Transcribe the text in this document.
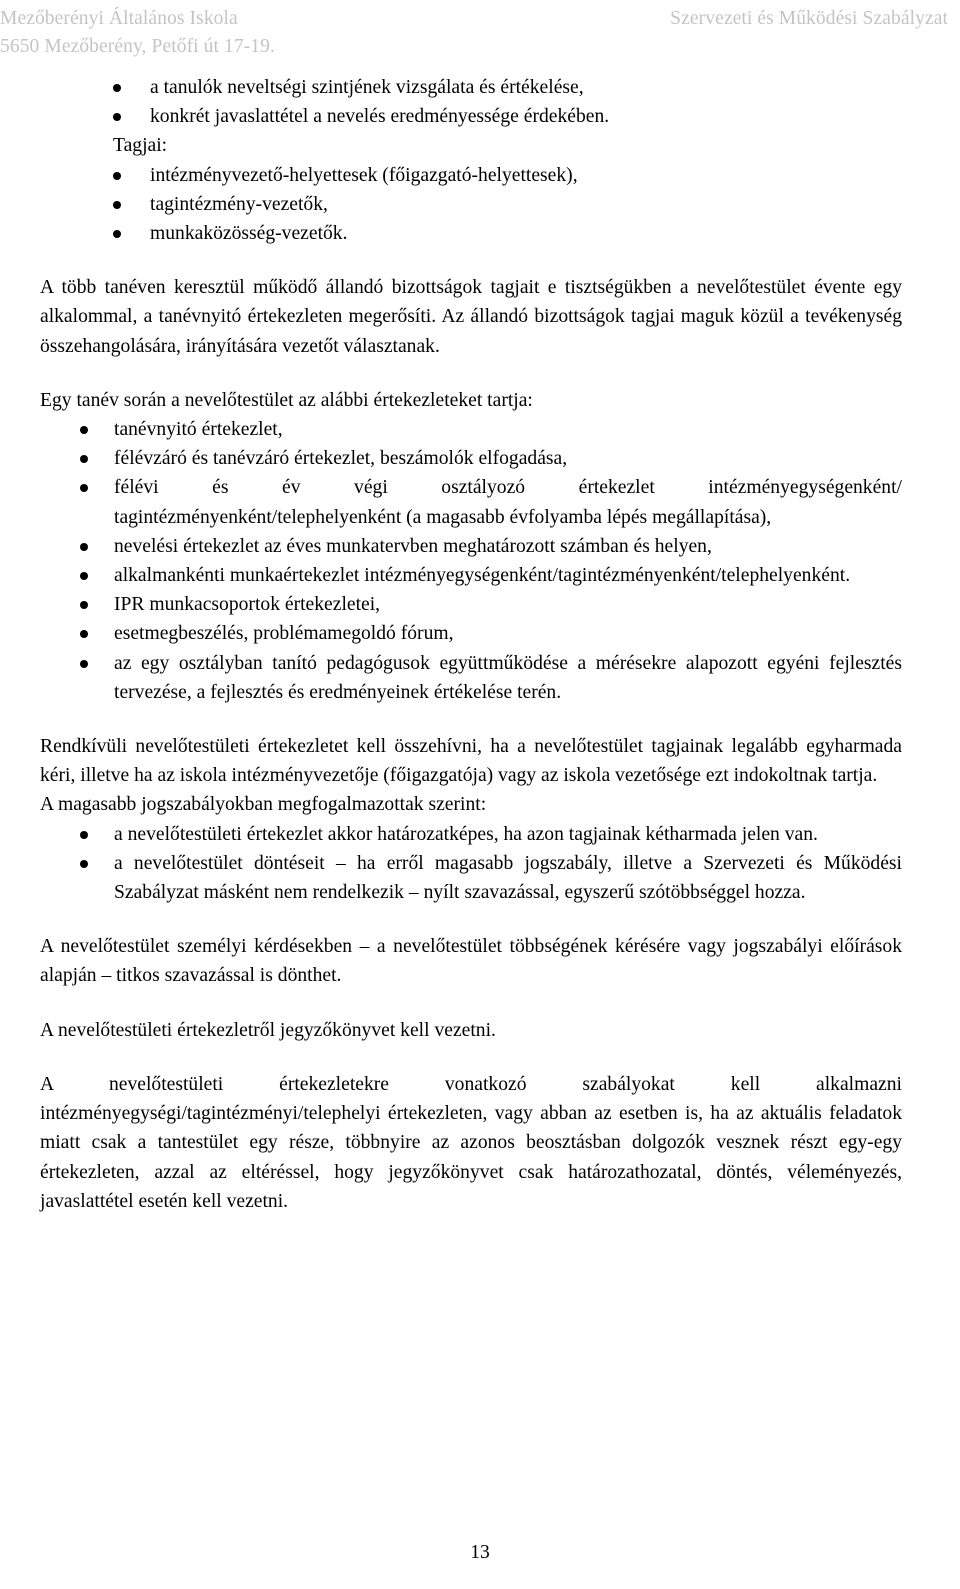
Mezőberényi Általános Iskola
5650 Mezőberény, Petőfi út 17-19.
Szervezeti és Működési Szabályzat
a tanulók neveltségi szintjének vizsgálata és értékelése,
konkrét javaslattétel a nevelés eredményessége érdekében.

Tagjai:

intézményvezető-helyettesek (főigazgató-helyettesek),
tagintézmény-vezetők,
munkaközösség-vezetők.

A több tanéven keresztül működő állandó bizottságok tagjait e tisztségükben a nevelőtestület évente egy alkalommal, a tanévnyitó értekezleten megerősíti. Az állandó bizottságok tagjai maguk közül a tevékenység összehangolására, irányítására vezetőt választanak.

Egy tanév során a nevelőtestület az alábbi értekezleteket tartja:

tanévnyitó értekezlet,
félévzáró és tanévzáró értekezlet, beszámolók elfogadása,
félévi és év végi osztályozó értekezlet intézményegységenként/ tagintézményenként/telephelyenként (a magasabb évfolyamba lépés megállapítása),
nevelési értekezlet az éves munkatervben meghatározott számban és helyen,
alkalmankénti munkaértekezlet intézményegységenként/tagintézményenként/telephelyenként.
IPR munkacsoportok értekezletei,
esetmegbeszélés, problémamegoldó fórum,
az egy osztályban tanító pedagógusok együttműködése a mérésekre alapozott egyéni fejlesztés tervezése, a fejlesztés és eredményeinek értékelése terén.

Rendkívüli nevelőtestületi értekezletet kell összehívni, ha a nevelőtestület tagjainak legalább egyharmada kéri, illetve ha az iskola intézményvezetője (főigazgatója) vagy az iskola vezetősége ezt indokoltnak tartja.

A magasabb jogszabályokban megfogalmazottak szerint:

a nevelőtestületi értekezlet akkor határozatképes, ha azon tagjainak kétharmada jelen van.
a nevelőtestület döntéseit – ha erről magasabb jogszabály, illetve a Szervezeti és Működési Szabályzat másként nem rendelkezik – nyílt szavazással, egyszerű szótöbbséggel hozza.

A nevelőtestület személyi kérdésekben – a nevelőtestület többségének kérésére vagy jogszabályi előírások alapján – titkos szavazással is dönthet.

A nevelőtestületi értekezletről jegyzőkönyvet kell vezetni.

A nevelőtestületi értekezletekre vonatkozó szabályokat kell alkalmazni intézményegységi/tagintézményi/telephelyi értekezleten, vagy abban az esetben is, ha az aktuális feladatok miatt csak a tantestület egy része, többnyire az azonos beosztásban dolgozók vesznek részt egy-egy értekezleten, azzal az eltéréssel, hogy jegyzőkönyvet csak határozathozatal, döntés, véleményezés, javaslattétel esetén kell vezetni.

13
